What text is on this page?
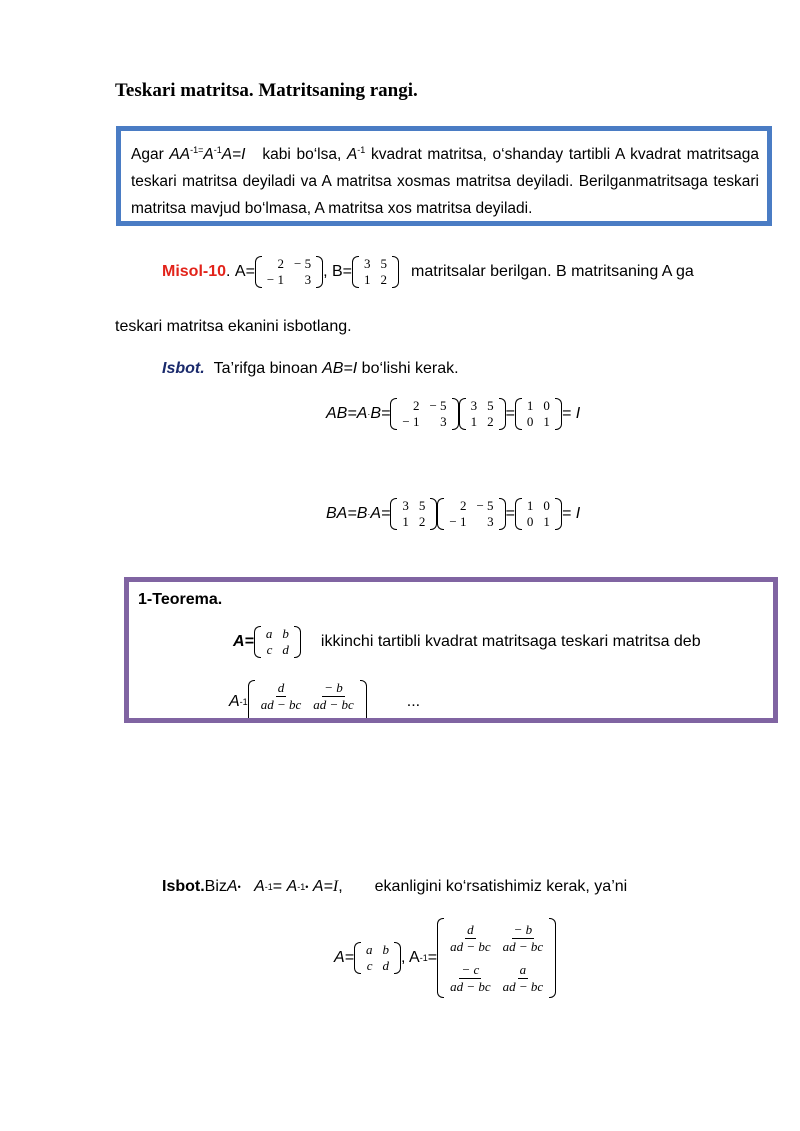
Teskari matritsa. Matritsaning rangi.

Agar $AA^{-1=}A^{-1}A=I$ kabi bo‘lsa, $A^{-1}$ kvadrat matritsa, o‘shanday tartibli A kvadrat matritsaga teskari matritsa deyiladi va A matritsa xosmas matritsa deyiladi. Berilganmatritsaga teskari matritsa mavjud bo‘lmasa, A matritsa xos matritsa deyiladi.

Misol-10 . A= 2	− 5
− 1	3 , B= 3	5
1	2 matritsalar berilgan. B matritsaning A ga
teskari matritsa ekanini isbotlang.
Isbot. Ta’rifga binoan AB=I bo‘lishi kerak.
AB=A · B= 2	− 5
− 1	3
3	5
1	2 = 1	0
0	1 = I
BA=B · A= 3	5
1	2
2	− 5
− 1	3 = 1	0
0	1 = I
1-Teorema.
A= a	b
c	d ikkinchi tartibli kvadrat matritsaga teskari matritsa deb
A $-1 \frac{d}{ad - bc} \frac{- b}{ad - bc}$	...
Isbot. Biz A •
A -1 =
A -1 •
A= I , ekanligini ko‘rsatishimiz kerak, ya’ni
A= a	b
c	d , A -1 =
$\frac{d}{ad - bc} \frac{- b}{ad - bc}$
$\frac{- c}{ad - bc} \frac{a}{ad - bc}$
